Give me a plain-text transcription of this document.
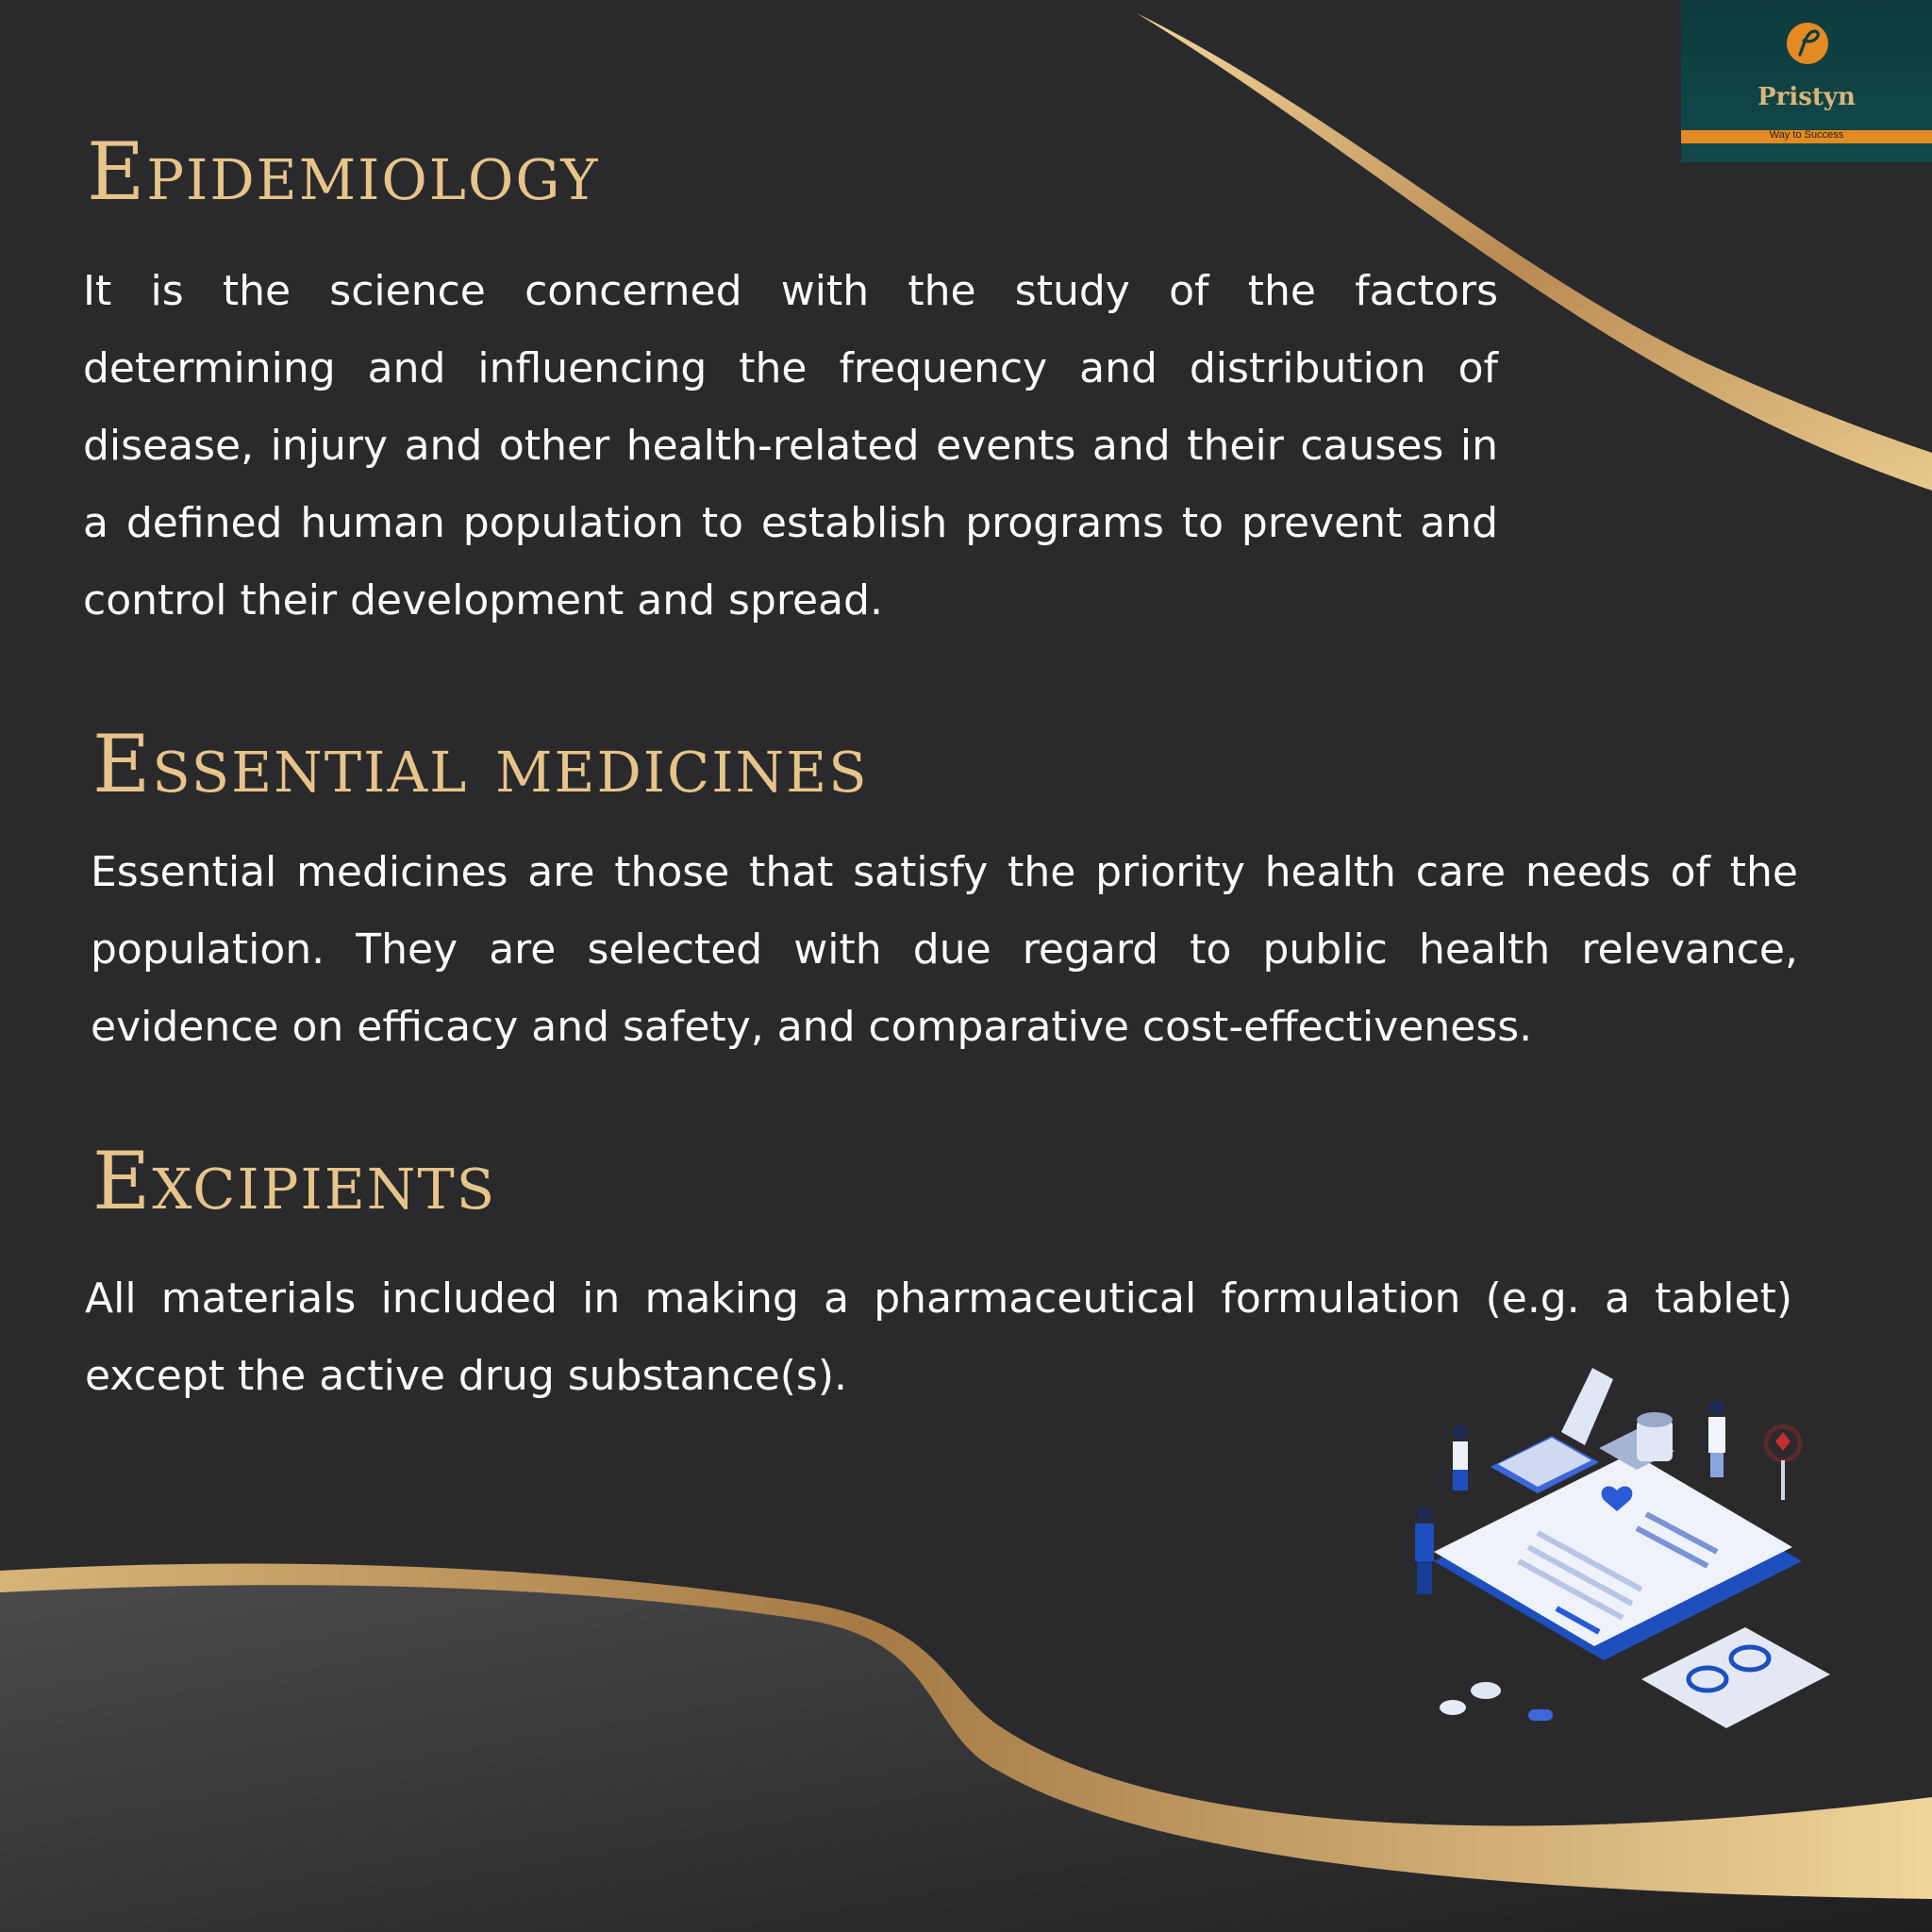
Pristyn
Way to Success
Epidemiology

It is the science concerned with the study of the factors determining and influencing the frequency and distribution of disease, injury and other health-related events and their causes in a defined human population to establish programs to prevent and control their development and spread.

Essential medicines

Essential medicines are those that satisfy the priority health care needs of the population. They are selected with due regard to public health relevance, evidence on efficacy and safety, and comparative cost-effectiveness.

Excipients

All materials included in making a pharmaceutical formulation (e.g. a tablet) except the active drug substance(s).
